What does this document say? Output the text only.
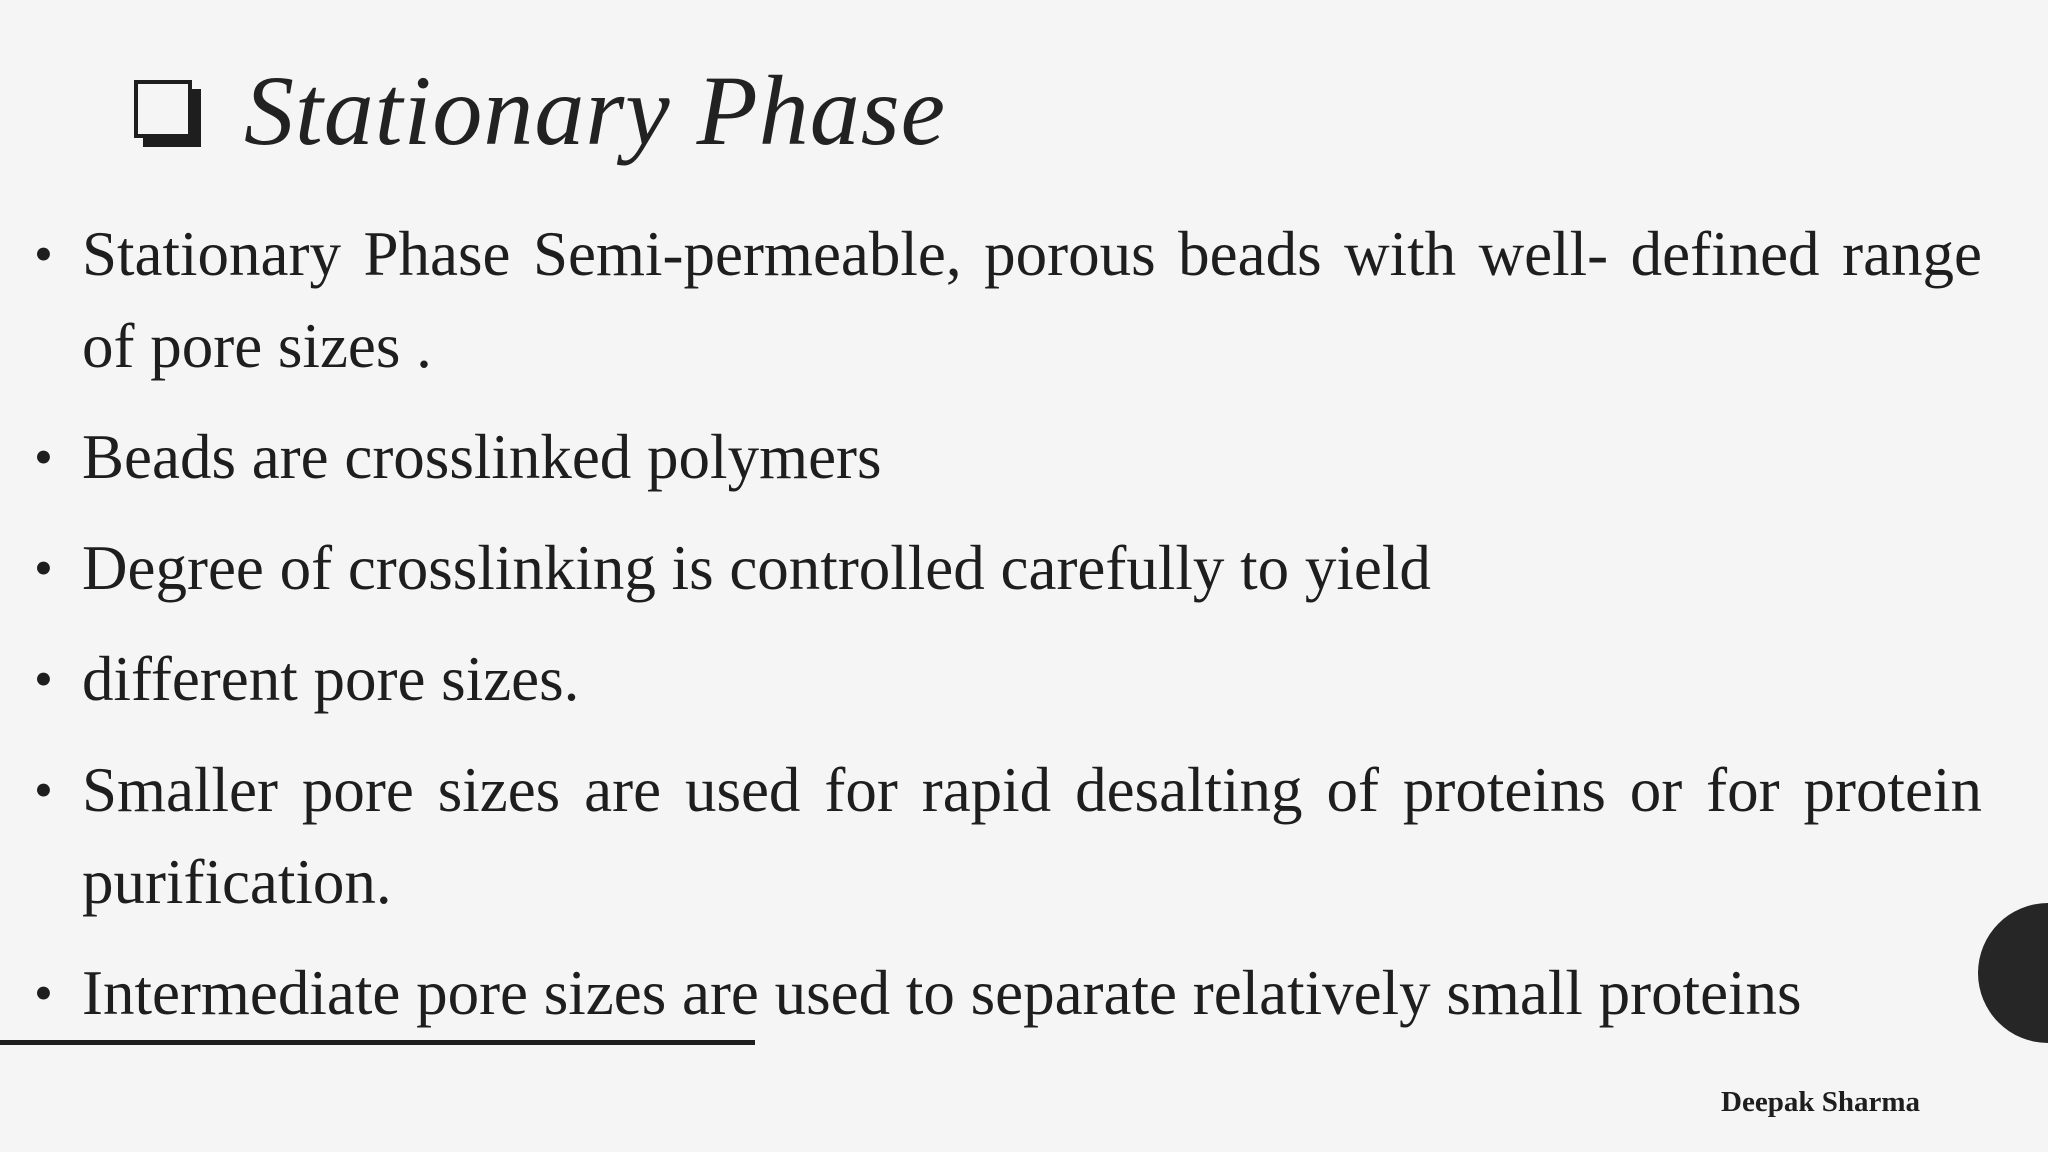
Stationary Phase
• Stationary Phase Semi-permeable, porous beads with well- defined range of pore sizes .
• Beads are crosslinked polymers
• Degree of crosslinking is controlled carefully to yield
• different pore sizes.
• Smaller pore sizes are used for rapid desalting of proteins or for protein purification.
• Intermediate pore sizes are used to separate relatively small proteins
Deepak Sharma
